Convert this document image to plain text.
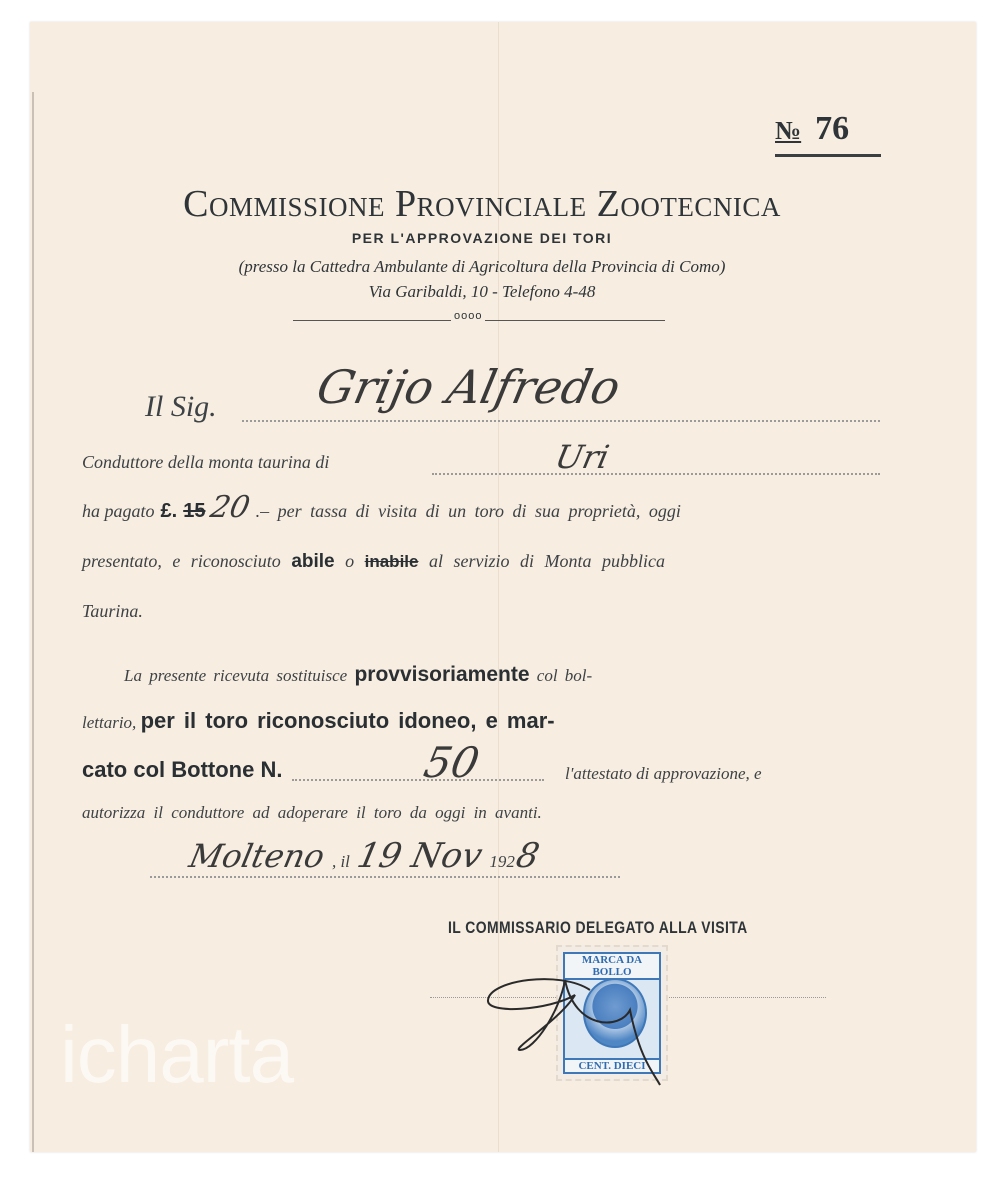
icharta
№ 76
Commissione Provinciale Zootecnica
PER L'APPROVAZIONE DEI TORI
(presso la Cattedra Ambulante di Agricoltura della Provincia di Como)
Via Garibaldi, 10 - Telefono 4-48
oooo
Il Sig. Grijo Alfredo
Conduttore della monta taurina di	Uri
ha pagato £. 15 20 .– per tassa di visita di un toro di sua proprietà, oggi
presentato, e riconosciuto abile o inabile al servizio di Monta pubblica
Taurina.
La presente ricevuta sostituisce provvisoriamente col bol-
lettario, per il toro riconosciuto idoneo, e mar-
cato col Bottone N.	50	l'attestato di approvazione, e
autorizza il conduttore ad adoperare il toro da oggi in avanti.
Molteno , il 19 Nov 192
8
IL COMMISSARIO DELEGATO ALLA VISITA
MARCA DA BOLLO
CENT. DIECI
